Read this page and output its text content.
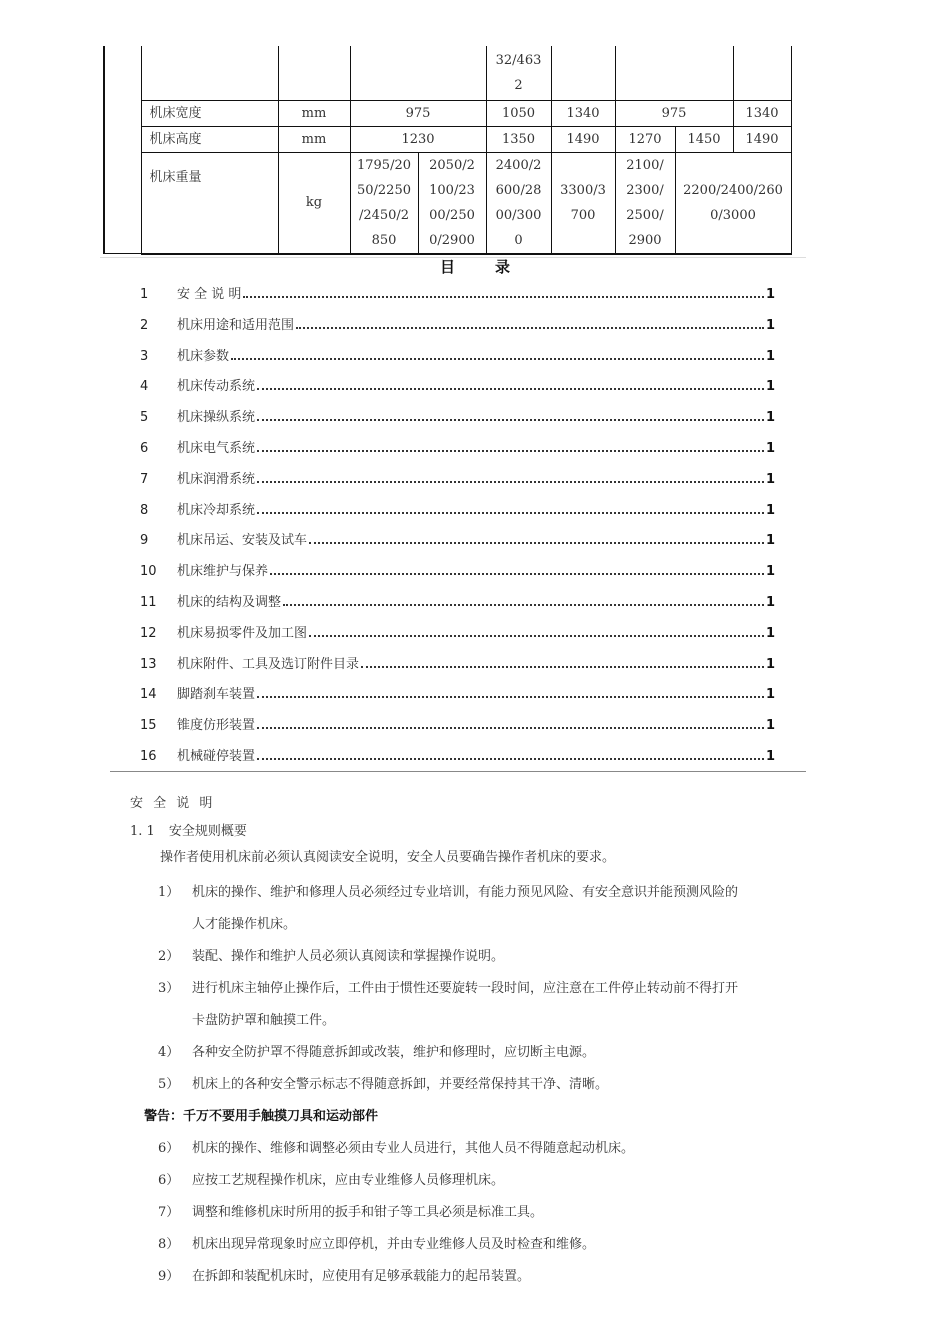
					32/463
2				

	机床宽度	mm	975		1050	1340	975		1340
	机床高度	mm	1230		1350	1490	1270	1450	1490
	机床重量	kg	1795/20
50/2250
/2450/2
850	2050/2
100/23
00/250
0/2900	2400/2
600/28
00/300
0	3300/3
700	2100/
2300/
2500/
2900	2200/2400/260
0/3000	
目录
1	安 全 说 明	1
2	机床用途和适用范围	1
3	机床参数	1
4	机床传动系统	1
5	机床操纵系统	1
6	机床电气系统	1
7	机床润滑系统	1
8	机床冷却系统	1
9	机床吊运、安装及试车	1
10	机床维护与保养	1
11	机床的结构及调整	1
12	机床易损零件及加工图	1
13	机床附件、工具及选订附件目录	1
14	脚踏刹车装置	1
15	锥度仿形装置	1
16	机械碰停装置	1
安 全 说 明
1. 1 安全规则概要
操作者使用机床前必须认真阅读安全说明，安全人员要确告操作者机床的要求。
1） 机床的操作、维护和修理人员必须经过专业培训，有能力预见风险、有安全意识并能预测风险的
人才能操作机床。
2） 装配、操作和维护人员必须认真阅读和掌握操作说明。
3） 进行机床主轴停止操作后，工件由于惯性还要旋转一段时间，应注意在工件停止转动前不得打开
卡盘防护罩和触摸工件。
4） 各种安全防护罩不得随意拆卸或改装，维护和修理时，应切断主电源。
5） 机床上的各种安全警示标志不得随意拆卸，并要经常保持其干净、清晰。
警告：千万不要用手触摸刀具和运动部件
6） 机床的操作、维修和调整必须由专业人员进行，其他人员不得随意起动机床。
6） 应按工艺规程操作机床，应由专业维修人员修理机床。
7） 调整和维修机床时所用的扳手和钳子等工具必须是标准工具。
8） 机床出现异常现象时应立即停机，并由专业维修人员及时检查和维修。
9） 在拆卸和装配机床时，应使用有足够承载能力的起吊装置。
